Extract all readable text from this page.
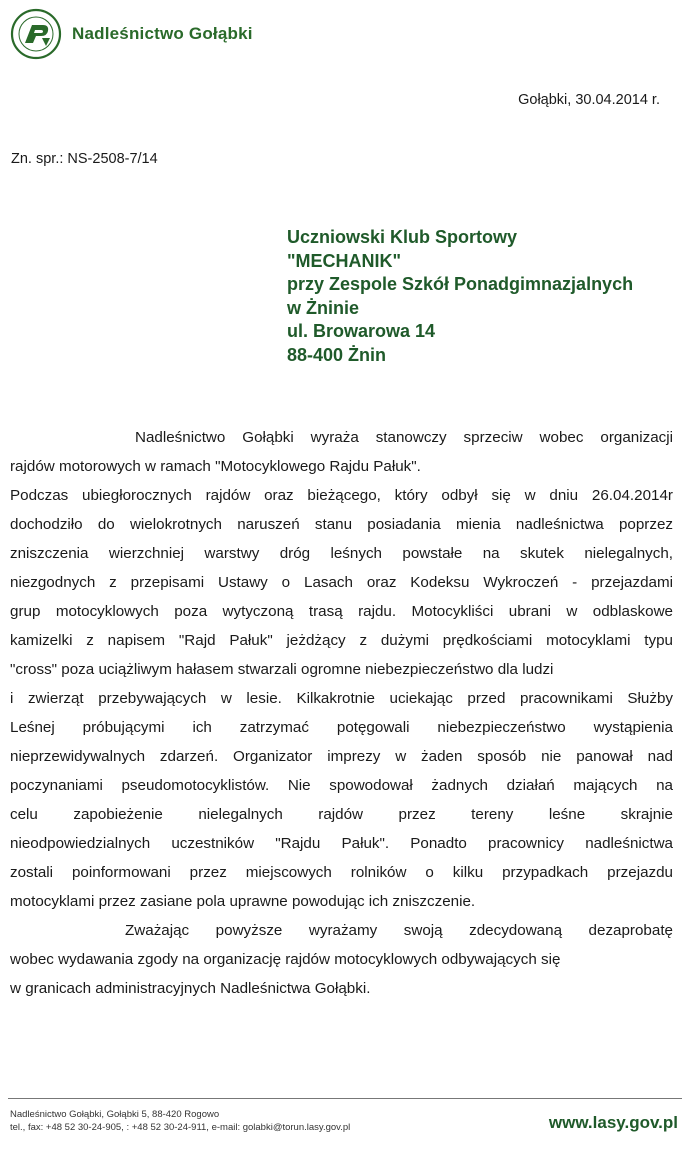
Nadleśnictwo Gołąbki
Gołąbki, 30.04.2014 r.
Zn. spr.: NS-2508-7/14
Uczniowski Klub Sportowy
"MECHANIK"
przy Zespole Szkół Ponadgimnazjalnych
w Żninie
ul. Browarowa 14
88-400 Żnin
Nadleśnictwo Gołąbki wyraża stanowczy sprzeciw wobec organizacji
rajdów motorowych w ramach "Motocyklowego Rajdu Pałuk".
Podczas ubiegłorocznych rajdów oraz bieżącego, który odbył się w dniu 26.04.2014r
dochodziło do wielokrotnych naruszeń stanu posiadania mienia nadleśnictwa poprzez
zniszczenia wierzchniej warstwy dróg leśnych powstałe na skutek nielegalnych,
niezgodnych z przepisami Ustawy o Lasach oraz Kodeksu Wykroczeń - przejazdami
grup motocyklowych poza wytyczoną trasą rajdu. Motocykliści ubrani w odblaskowe
kamizelki z napisem "Rajd Pałuk" jeżdżący z dużymi prędkościami motocyklami typu
"cross" poza uciążliwym hałasem stwarzali ogromne niebezpieczeństwo dla ludzi
i zwierząt przebywających w lesie. Kilkakrotnie uciekając przed pracownikami Służby
Leśnej próbującymi ich zatrzymać potęgowali niebezpieczeństwo wystąpienia
nieprzewidywalnych zdarzeń. Organizator imprezy w żaden sposób nie panował nad
poczynaniami pseudomotocyklistów. Nie spowodował żadnych działań mających na
celu zapobieżenie nielegalnych rajdów przez tereny leśne skrajnie
nieodpowiedzialnych uczestników "Rajdu Pałuk". Ponadto pracownicy nadleśnictwa
zostali poinformowani przez miejscowych rolników o kilku przypadkach przejazdu
motocyklami przez zasiane pola uprawne powodując ich zniszczenie.
Zważając powyższe wyrażamy swoją zdecydowaną dezaprobatę
wobec wydawania zgody na organizację rajdów motocyklowych odbywających się
w granicach administracyjnych Nadleśnictwa Gołąbki.
Nadleśnictwo Gołąbki, Gołąbki 5, 88-420 Rogowo
tel., fax: +48 52 30-24-905, : +48 52 30-24-911, e-mail: golabki@torun.lasy.gov.pl	www.lasy.gov.pl
